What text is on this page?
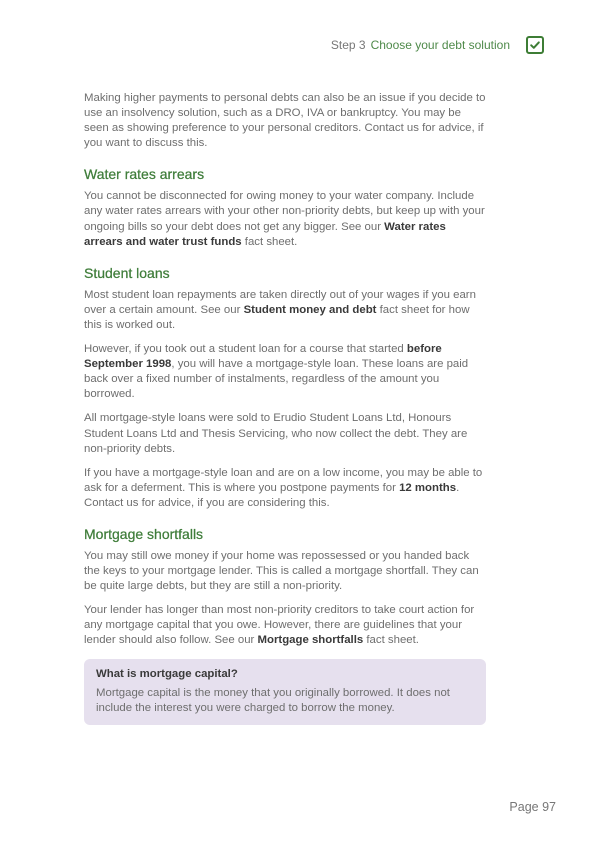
Step 3 Choose your debt solution

Making higher payments to personal debts can also be an issue if you decide to use an insolvency solution, such as a DRO, IVA or bankruptcy. You may be seen as showing preference to your personal creditors. Contact us for advice, if you want to discuss this.

Water rates arrears

You cannot be disconnected for owing money to your water company. Include any water rates arrears with your other non-priority debts, but keep up with your ongoing bills so your debt does not get any bigger. See our Water rates arrears and water trust funds fact sheet.

Student loans

Most student loan repayments are taken directly out of your wages if you earn over a certain amount. See our Student money and debt fact sheet for how this is worked out.

However, if you took out a student loan for a course that started before September 1998, you will have a mortgage-style loan. These loans are paid back over a fixed number of instalments, regardless of the amount you borrowed.

All mortgage-style loans were sold to Erudio Student Loans Ltd, Honours Student Loans Ltd and Thesis Servicing, who now collect the debt. They are non-priority debts.

If you have a mortgage-style loan and are on a low income, you may be able to ask for a deferment. This is where you postpone payments for 12 months. Contact us for advice, if you are considering this.

Mortgage shortfalls

You may still owe money if your home was repossessed or you handed back the keys to your mortgage lender. This is called a mortgage shortfall. They can be quite large debts, but they are still a non-priority.

Your lender has longer than most non-priority creditors to take court action for any mortgage capital that you owe. However, there are guidelines that your lender should also follow. See our Mortgage shortfalls fact sheet.

What is mortgage capital?

Mortgage capital is the money that you originally borrowed. It does not include the interest you were charged to borrow the money.

Page 97
